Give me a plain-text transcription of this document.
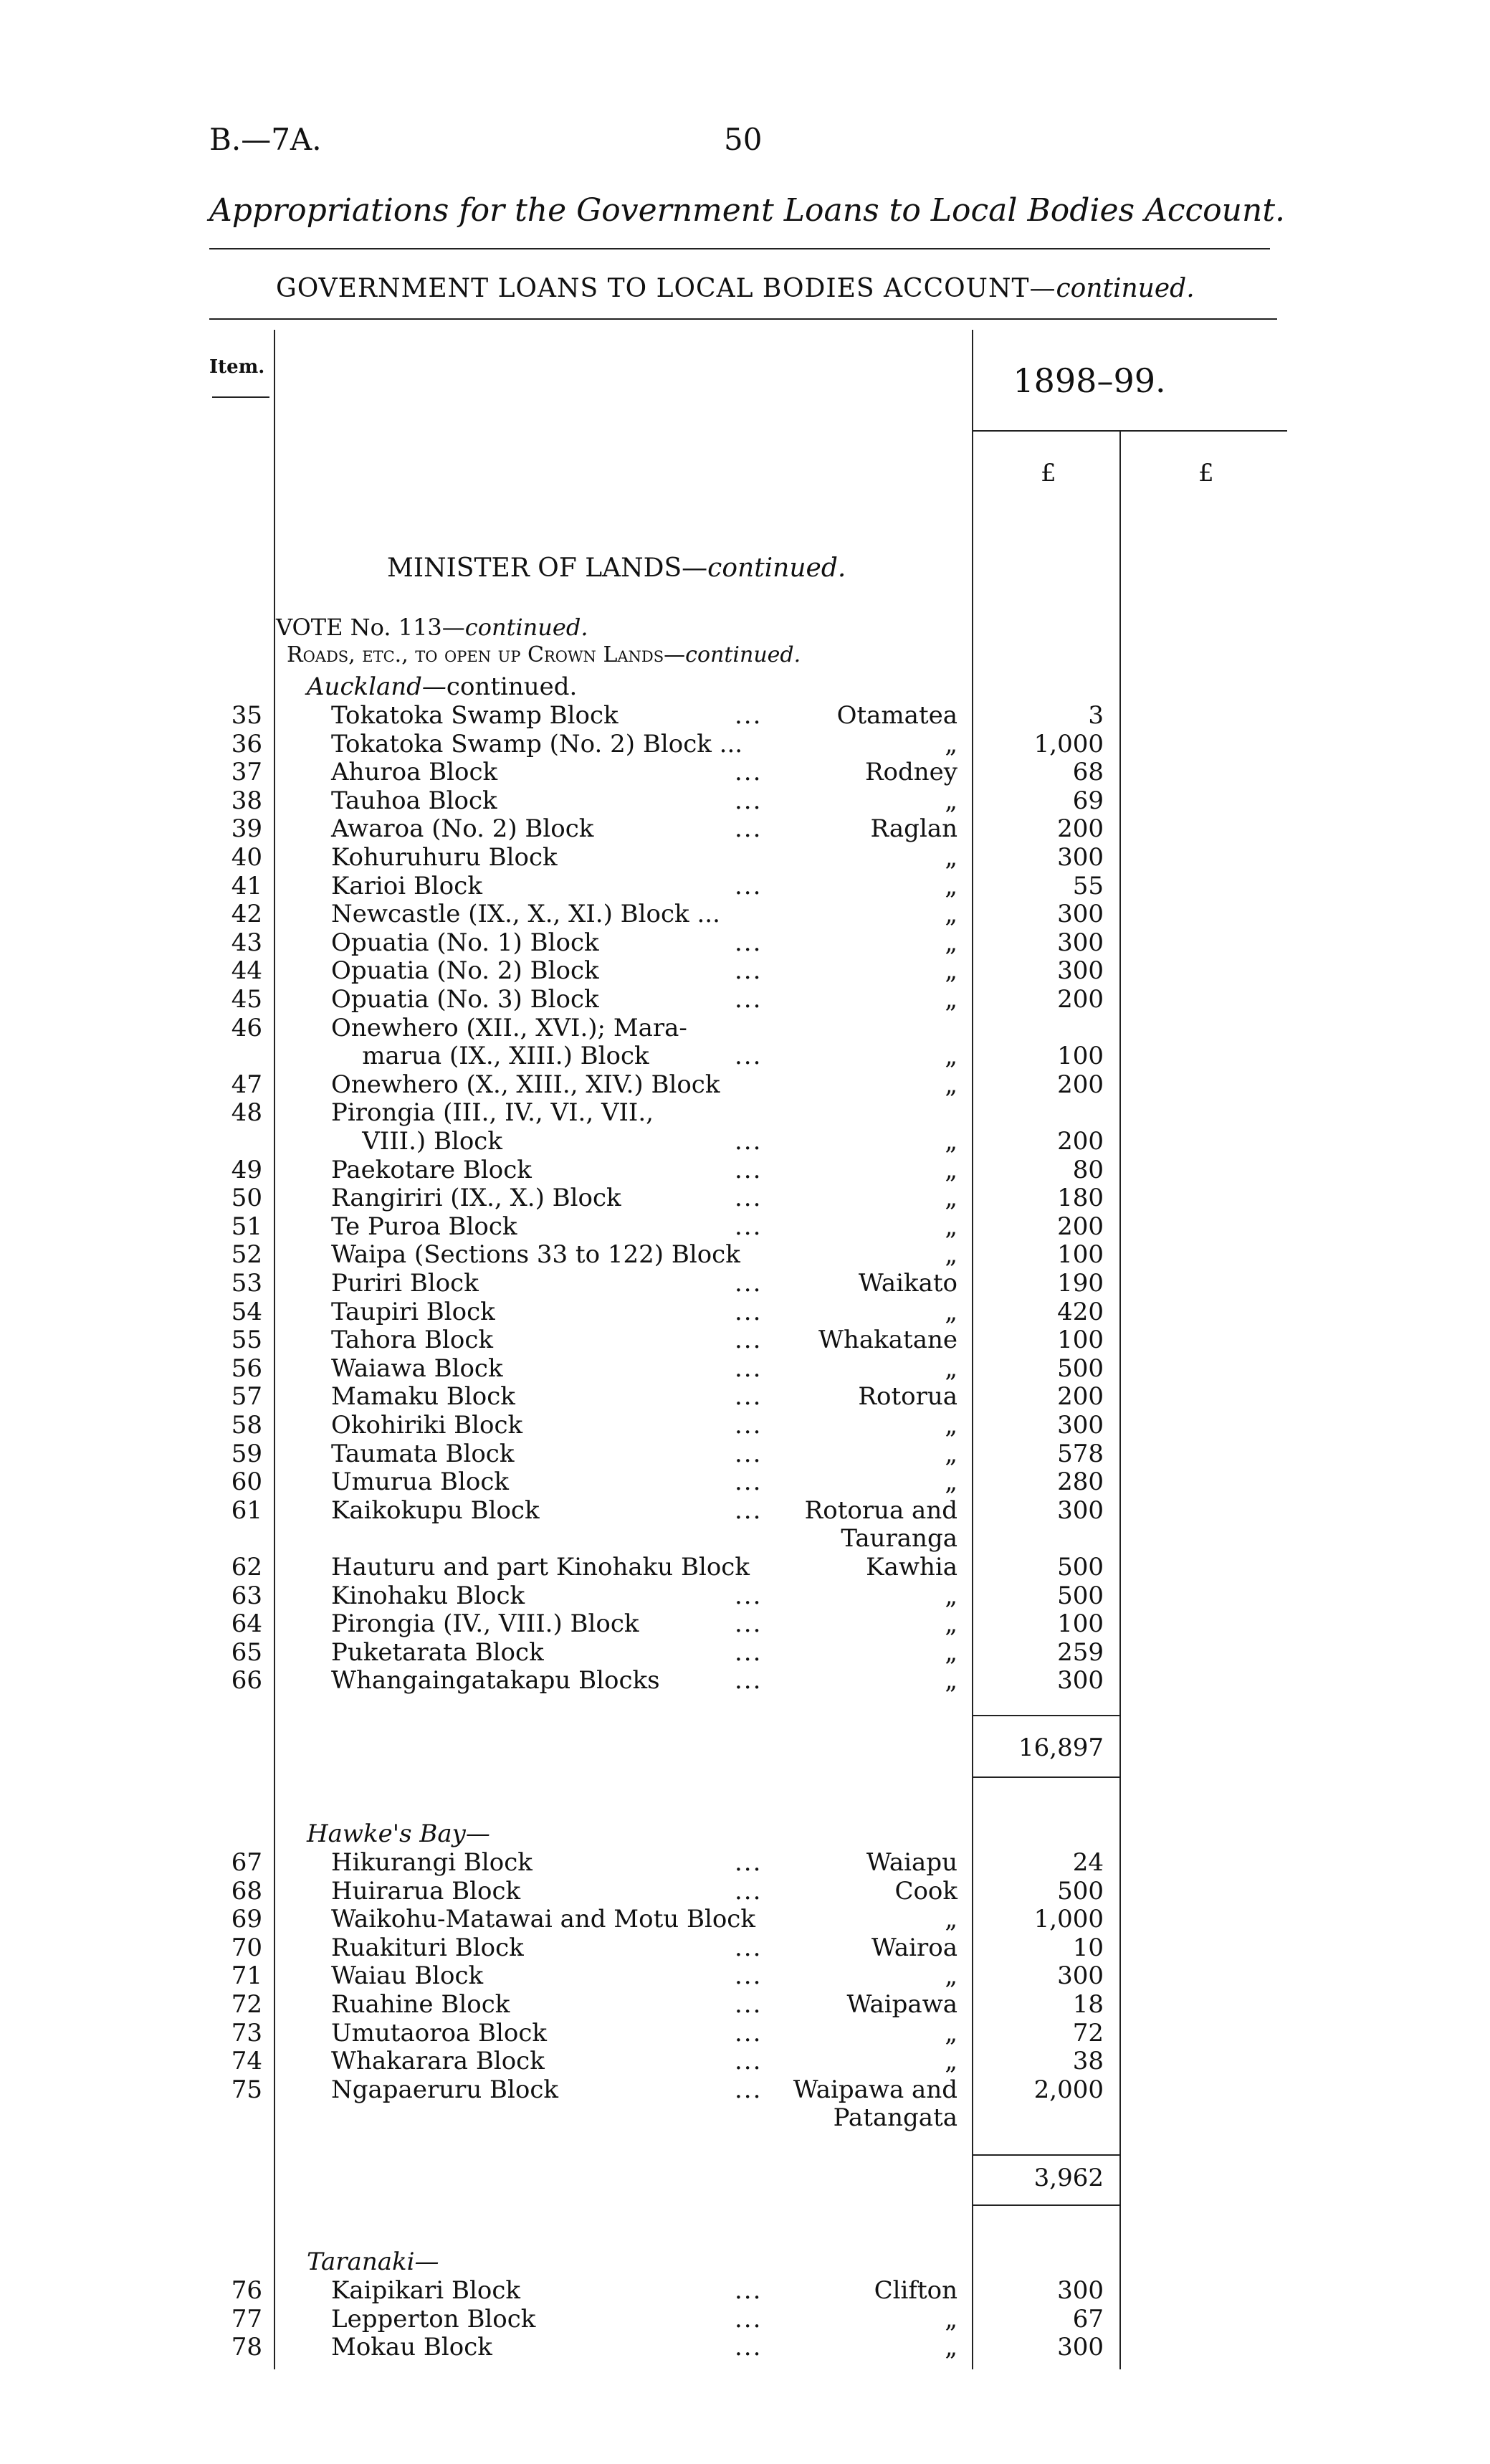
B.—7A.	50
Appropriations for the Government Loans to Local Bodies Account.
GOVERNMENT LOANS TO LOCAL BODIES ACCOUNT—continued.
Item.	1898–99.
£	£
MINISTER OF LANDS—continued.
VOTE No. 113—continued.
Roads, etc., to open up Crown Lands—continued.
Auckland—continued.
35	Tokatoka Swamp Block	...	Otamatea	3
36	Tokatoka Swamp (No. 2) Block ...	„	1,000
37	Ahuroa Block	...	Rodney	68
38	Tauhoa Block	...	„	69
39	Awaroa (No. 2) Block	...	Raglan	200
40	Kohuruhuru Block	„	300
41	Karioi Block	...	„	55
42	Newcastle (IX., X., XI.) Block ...	„	300
43	Opuatia (No. 1) Block	...	„	300
44	Opuatia (No. 2) Block	...	„	300
45	Opuatia (No. 3) Block	...	„	200
46	Onewhero (XII., XVI.); Mara-
marua (IX., XIII.) Block	...	„	100
47	Onewhero (X., XIII., XIV.) Block	„	200
48	Pirongia (III., IV., VI., VII.,
VIII.) Block	...	„	200
49	Paekotare Block	...	„	80
50	Rangiriri (IX., X.) Block	...	„	180
51	Te Puroa Block	...	„	200
52	Waipa (Sections 33 to 122) Block	„	100
53	Puriri Block	...	Waikato	190
54	Taupiri Block	...	„	420
55	Tahora Block	...	Whakatane	100
56	Waiawa Block	...	„	500
57	Mamaku Block	...	Rotorua	200
58	Okohiriki Block	...	„	300
59	Taumata Block	...	„	578
60	Umurua Block	...	„	280
61	Kaikokupu Block	...	Rotorua and	300
Tauranga
62	Hauturu and part Kinohaku Block	Kawhia	500
63	Kinohaku Block	...	„	500
64	Pirongia (IV., VIII.) Block	...	„	100
65	Puketarata Block	...	„	259
66	Whangaingatakapu Blocks	...	„	300
16,897
Hawke's Bay—
67	Hikurangi Block	...	Waiapu	24
68	Huirarua Block	...	Cook	500
69	Waikohu-Matawai and Motu Block	„	1,000
70	Ruakituri Block	...	Wairoa	10
71	Waiau Block	...	„	300
72	Ruahine Block	...	Waipawa	18
73	Umutaoroa Block	...	„	72
74	Whakarara Block	...	„	38
75	Ngapaeruru Block	...	Waipawa and	2,000
Patangata
3,962
Taranaki—
76	Kaipikari Block	...	Clifton	300
77	Lepperton Block	...	„	67
78	Mokau Block	...	„	300
